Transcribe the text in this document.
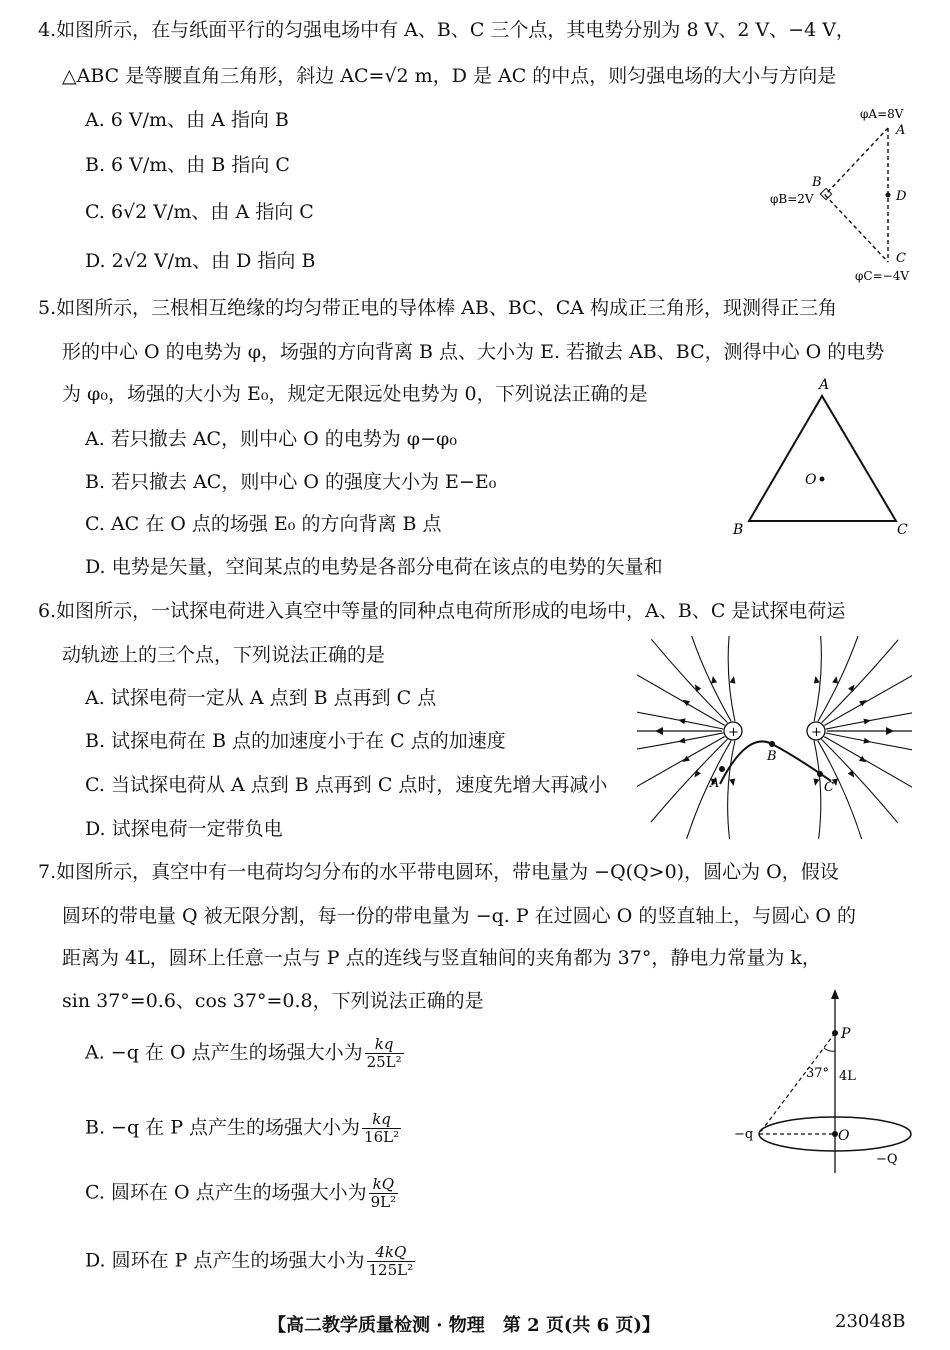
4.如图所示，在与纸面平行的匀强电场中有 A、B、C 三个点，其电势分别为 8 V、2 V、−4 V，
△ABC 是等腰直角三角形，斜边 AC=√2 m，D 是 AC 的中点，则匀强电场的大小与方向是
A. 6 V/m、由 A 指向 B
B. 6 V/m、由 B 指向 C
C. 6√2 V/m、由 A 指向 C
D. 2√2 V/m、由 D 指向 B
φA=8V
A
B
φB=2V	D
C
φC=−4V
5.如图所示，三根相互绝缘的均匀带正电的导体棒 AB、BC、CA 构成正三角形，现测得正三角
形的中心 O 的电势为 φ，场强的方向背离 B 点、大小为 E. 若撤去 AB、BC，测得中心 O 的电势
为 φ₀，场强的大小为 E₀，规定无限远处电势为 0，下列说法正确的是
A. 若只撤去 AC，则中心 O 的电势为 φ−φ₀
B. 若只撤去 AC，则中心 O 的强度大小为 E−E₀
C. AC 在 O 点的场强 E₀ 的方向背离 B 点
D. 电势是矢量，空间某点的电势是各部分电荷在该点的电势的矢量和
A
B	C
O
6.如图所示，一试探电荷进入真空中等量的同种点电荷所形成的电场中，A、B、C 是试探电荷运
动轨迹上的三个点，下列说法正确的是
A. 试探电荷一定从 A 点到 B 点再到 C 点
B. 试探电荷在 B 点的加速度小于在 C 点的加速度
C. 当试探电荷从 A 点到 B 点再到 C 点时，速度先增大再减小
D. 试探电荷一定带负电
+	+
A
B
C
7.如图所示，真空中有一电荷均匀分布的水平带电圆环，带电量为 −Q(Q>0)，圆心为 O，假设
圆环的带电量 Q 被无限分割，每一份的带电量为 −q. P 在过圆心 O 的竖直轴上，与圆心 O 的
距离为 4L，圆环上任意一点与 P 点的连线与竖直轴间的夹角都为 37°，静电力常量为 k，
sin 37°=0.6、cos 37°=0.8，下列说法正确的是
A. −q 在 O 点产生的场强大小为 $\frac{kq}{\text{25L²}}$
B. −q 在 P 点产生的场强大小为 $\frac{kq}{\text{16L²}}$
C. 圆环在 O 点产生的场强大小为 $\frac{kQ}{\text{9L²}}$
D. 圆环在 P 点产生的场强大小为 $\frac{4kQ}{\text{125L²}}$
P
37° 4L
−q	O
−Q
【高二教学质量检测 · 物理　第 2 页(共 6 页)】	23048B
